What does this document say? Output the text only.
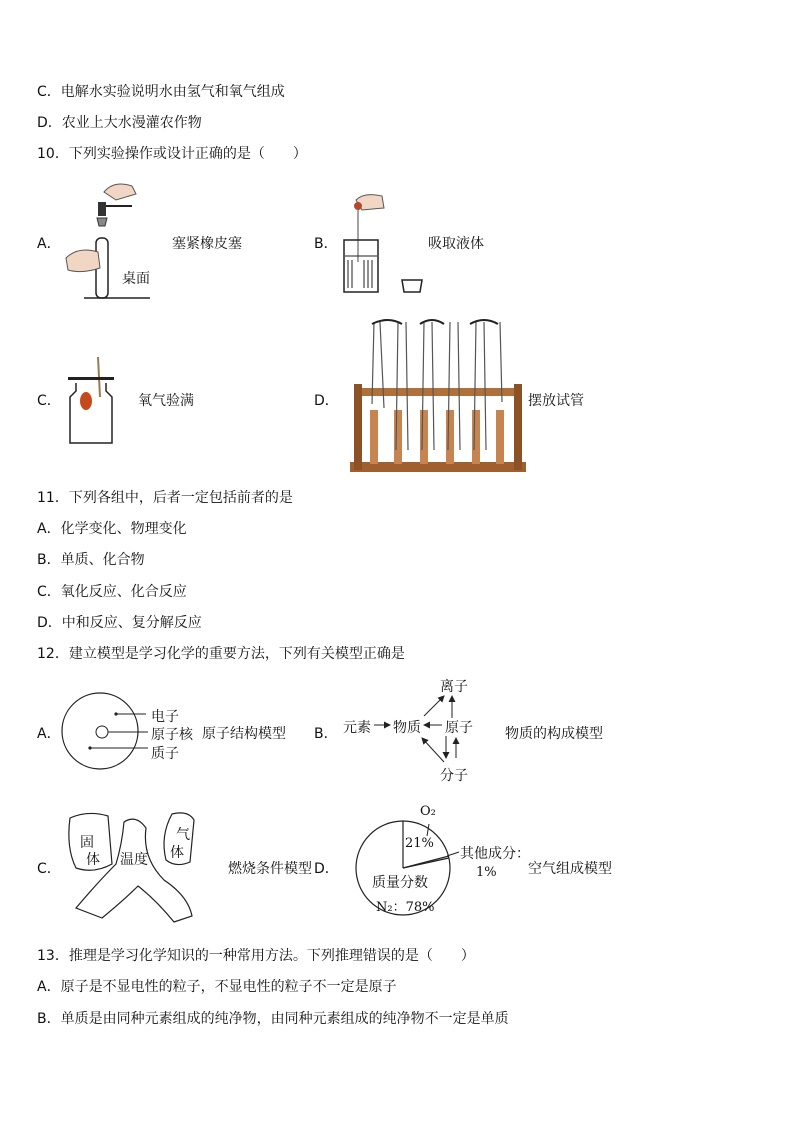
C．电解水实验说明水由氢气和氧气组成
D．农业上大水漫灌农作物
10．下列实验操作或设计正确的是（　　）
A．
桌面
塞紧橡皮塞	B．	吸取液体
C．	氧气验满	D．	摆放试管
11．下列各组中，后者一定包括前者的是
A．化学变化、物理变化
B．单质、化合物
C．氧化反应、化合反应
D．中和反应、复分解反应
12．建立模型是学习化学的重要方法，下列有关模型正确是
A．
电子
原子核
质子
原子结构模型 B． 元素 物质 原子
离子
分子
物质的构成模型
C．
固
体 温度
气
体
燃烧条件模型 D．
O₂
21%
其他成分：
1%
质量分数
N₂：78%
空气组成模型
13．推理是学习化学知识的一种常用方法。下列推理错误的是（　　）
A．原子是不显电性的粒子，不显电性的粒子不一定是原子
B．单质是由同种元素组成的纯净物，由同种元素组成的纯净物不一定是单质
